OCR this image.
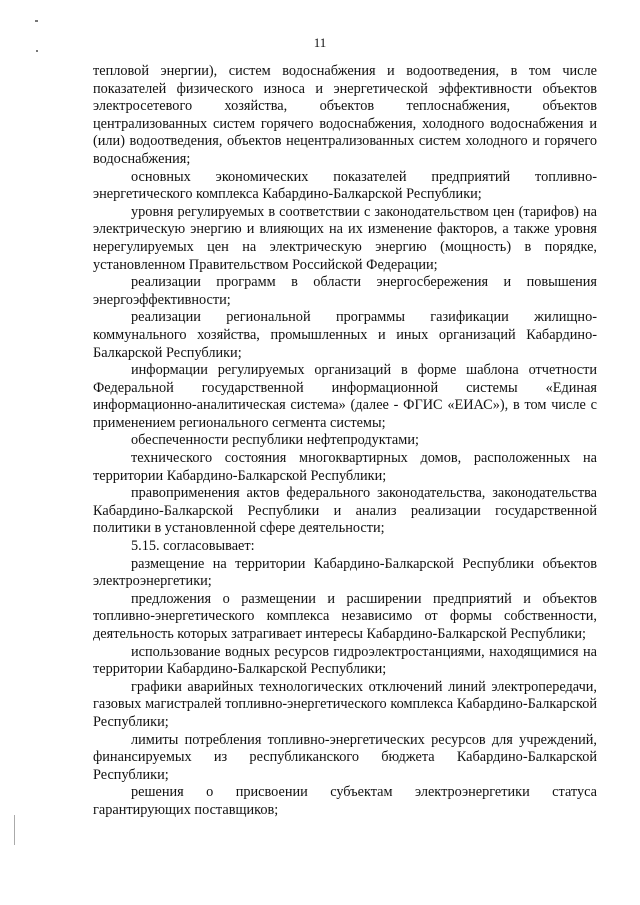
11

тепловой энергии), систем водоснабжения и водоотведения, в том числе показателей физического износа и энергетической эффективности объектов электросетевого хозяйства, объектов теплоснабжения, объектов централизованных систем горячего водоснабжения, холодного водоснабжения и (или) водоотведения, объектов нецентрализованных систем холодного и горячего водоснабжения;

основных экономических показателей предприятий топливно-энергетического комплекса Кабардино-Балкарской Республики;

уровня регулируемых в соответствии с законодательством цен (тарифов) на электрическую энергию и влияющих на их изменение факторов, а также уровня нерегулируемых цен на электрическую энергию (мощность) в порядке, установленном Правительством Российской Федерации;

реализации программ в области энергосбережения и повышения энергоэффективности;

реализации региональной программы газификации жилищно-коммунального хозяйства, промышленных и иных организаций Кабардино-Балкарской Республики;

информации регулируемых организаций в форме шаблона отчетности Федеральной государственной информационной системы «Единая информационно-аналитическая система» (далее - ФГИС «ЕИАС»), в том числе с применением регионального сегмента системы;

обеспеченности республики нефтепродуктами;

технического состояния многоквартирных домов, расположенных на территории Кабардино-Балкарской Республики;

правоприменения актов федерального законодательства, законодательства Кабардино-Балкарской Республики и анализ реализации государственной политики в установленной сфере деятельности;

5.15. согласовывает:

размещение на территории Кабардино-Балкарской Республики объектов электроэнергетики;

предложения о размещении и расширении предприятий и объектов топливно-энергетического комплекса независимо от формы собственности, деятельность которых затрагивает интересы Кабардино-Балкарской Республики;

использование водных ресурсов гидроэлектростанциями, находящимися на территории Кабардино-Балкарской Республики;

графики аварийных технологических отключений линий электропередачи, газовых магистралей топливно-энергетического комплекса Кабардино-Балкарской Республики;

лимиты потребления топливно-энергетических ресурсов для учреждений, финансируемых из республиканского бюджета Кабардино-Балкарской Республики;

решения о присвоении субъектам электроэнергетики статуса гарантирующих поставщиков;
